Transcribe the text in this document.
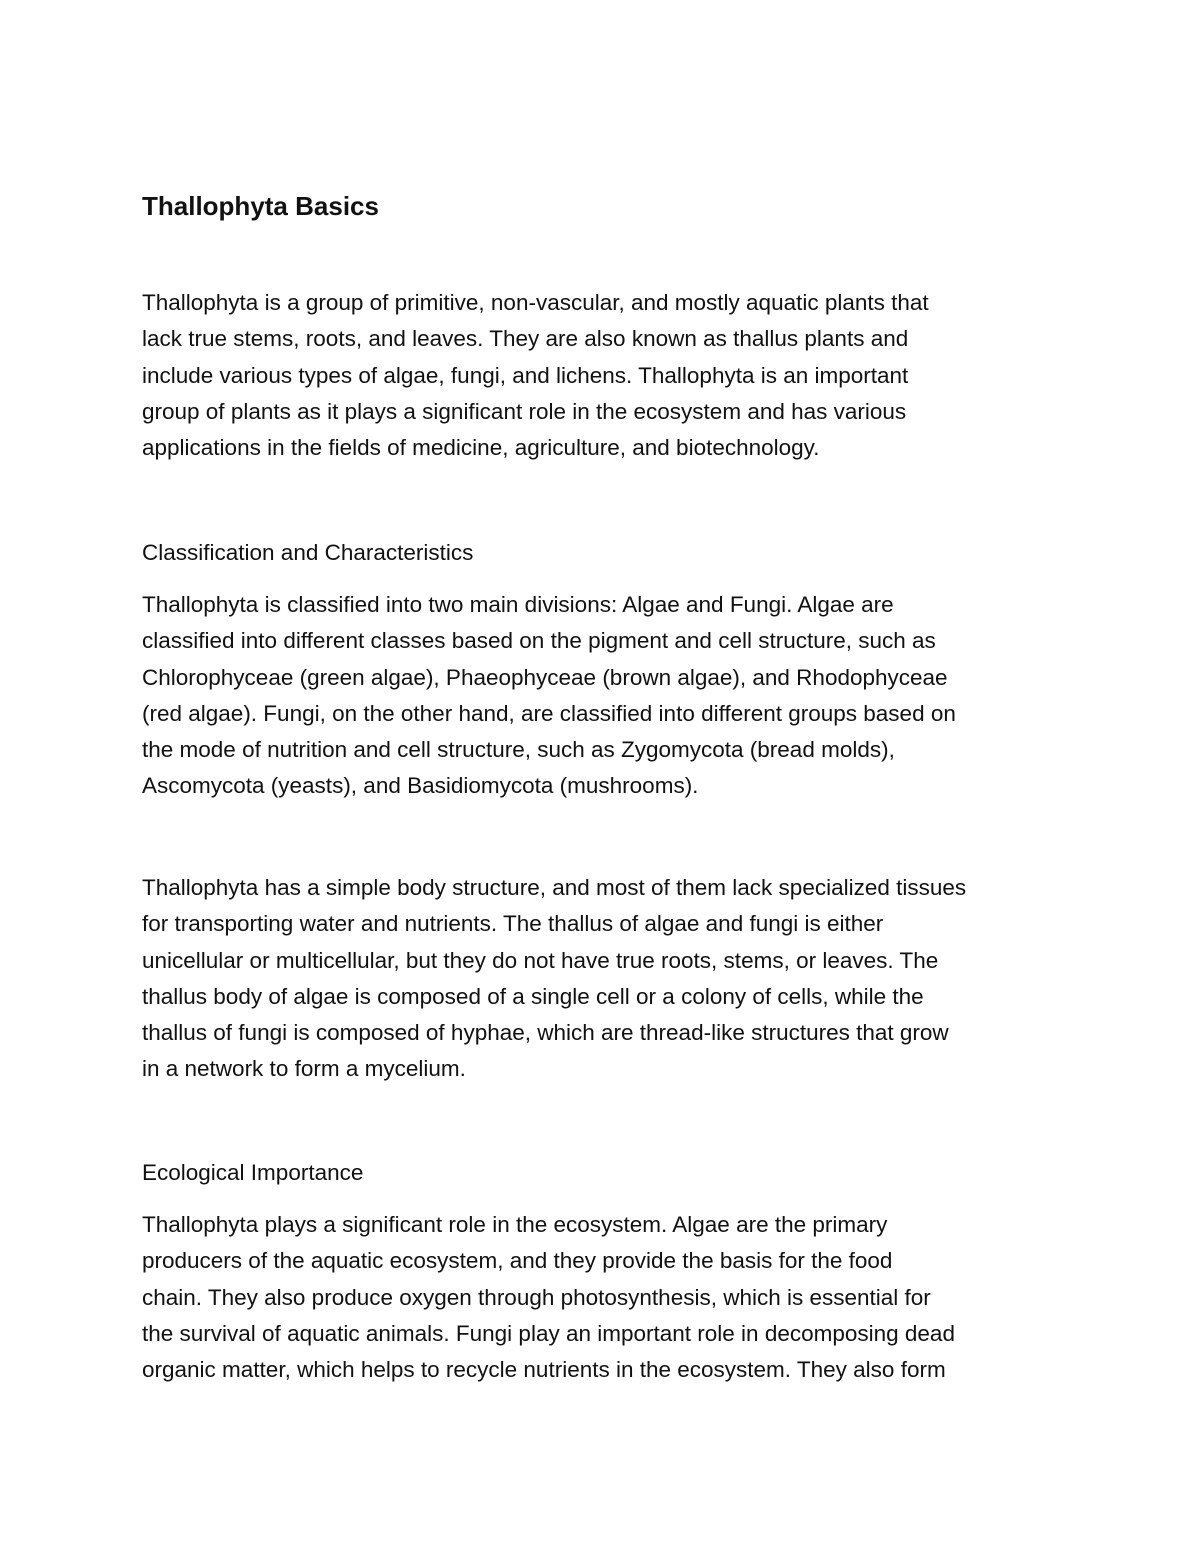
Thallophyta Basics

Thallophyta is a group of primitive, non-vascular, and mostly aquatic plants that
lack true stems, roots, and leaves. They are also known as thallus plants and
include various types of algae, fungi, and lichens. Thallophyta is an important
group of plants as it plays a significant role in the ecosystem and has various
applications in the fields of medicine, agriculture, and biotechnology.

Classification and Characteristics

Thallophyta is classified into two main divisions: Algae and Fungi. Algae are
classified into different classes based on the pigment and cell structure, such as
Chlorophyceae (green algae), Phaeophyceae (brown algae), and Rhodophyceae
(red algae). Fungi, on the other hand, are classified into different groups based on
the mode of nutrition and cell structure, such as Zygomycota (bread molds),
Ascomycota (yeasts), and Basidiomycota (mushrooms).

Thallophyta has a simple body structure, and most of them lack specialized tissues
for transporting water and nutrients. The thallus of algae and fungi is either
unicellular or multicellular, but they do not have true roots, stems, or leaves. The
thallus body of algae is composed of a single cell or a colony of cells, while the
thallus of fungi is composed of hyphae, which are thread-like structures that grow
in a network to form a mycelium.

Ecological Importance

Thallophyta plays a significant role in the ecosystem. Algae are the primary
producers of the aquatic ecosystem, and they provide the basis for the food
chain. They also produce oxygen through photosynthesis, which is essential for
the survival of aquatic animals. Fungi play an important role in decomposing dead
organic matter, which helps to recycle nutrients in the ecosystem. They also form
